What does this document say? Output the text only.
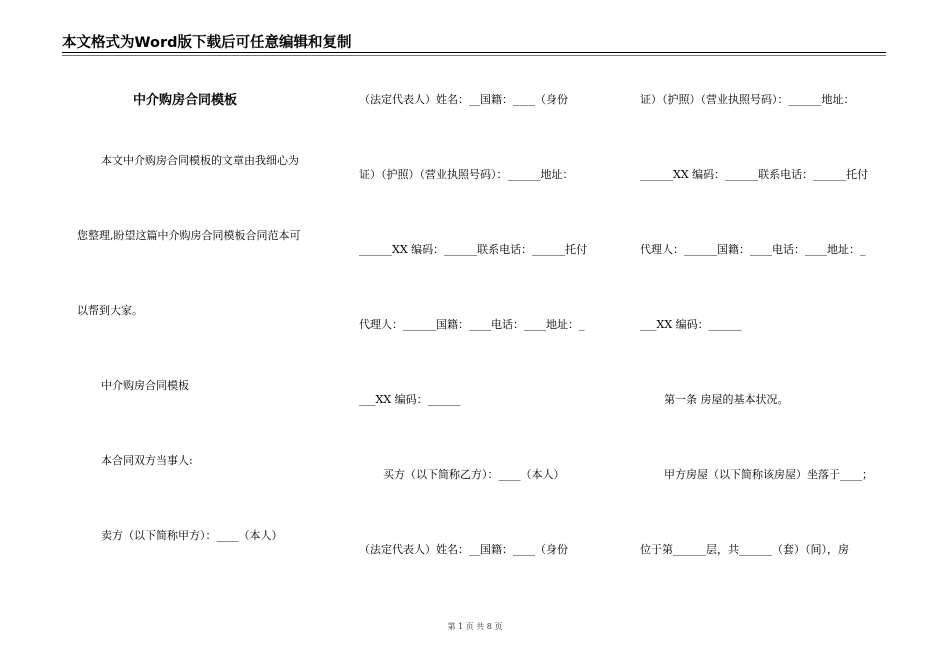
本文格式为Word版下载后可任意编辑和复制
中介购房合同模板
本文中介购房合同模板的文章由我细心为
您整理,盼望这篇中介购房合同模板合同范本可
以帮到大家。
中介购房合同模板
本合同双方当事人:
卖方（以下简称甲方）：____（本人）
（法定代表人）姓名：__国籍：____（身份
证）（护照）（营业执照号码）：______地址：
______XX 编码：______联系电话：______托付
代理人：______国籍：____电话：____地址：_
___XX 编码：______
买方（以下简称乙方）：____（本人）
（法定代表人）姓名：__国籍：____（身份
证）（护照）（营业执照号码）：______地址：
______XX 编码：______联系电话：______托付
代理人：______国籍：____电话：____地址：_
___XX 编码：______
第一条 房屋的基本状况。
甲方房屋（以下简称该房屋）坐落于____；
位于第______层，共______（套）（间），房
第 1 页 共 8 页
